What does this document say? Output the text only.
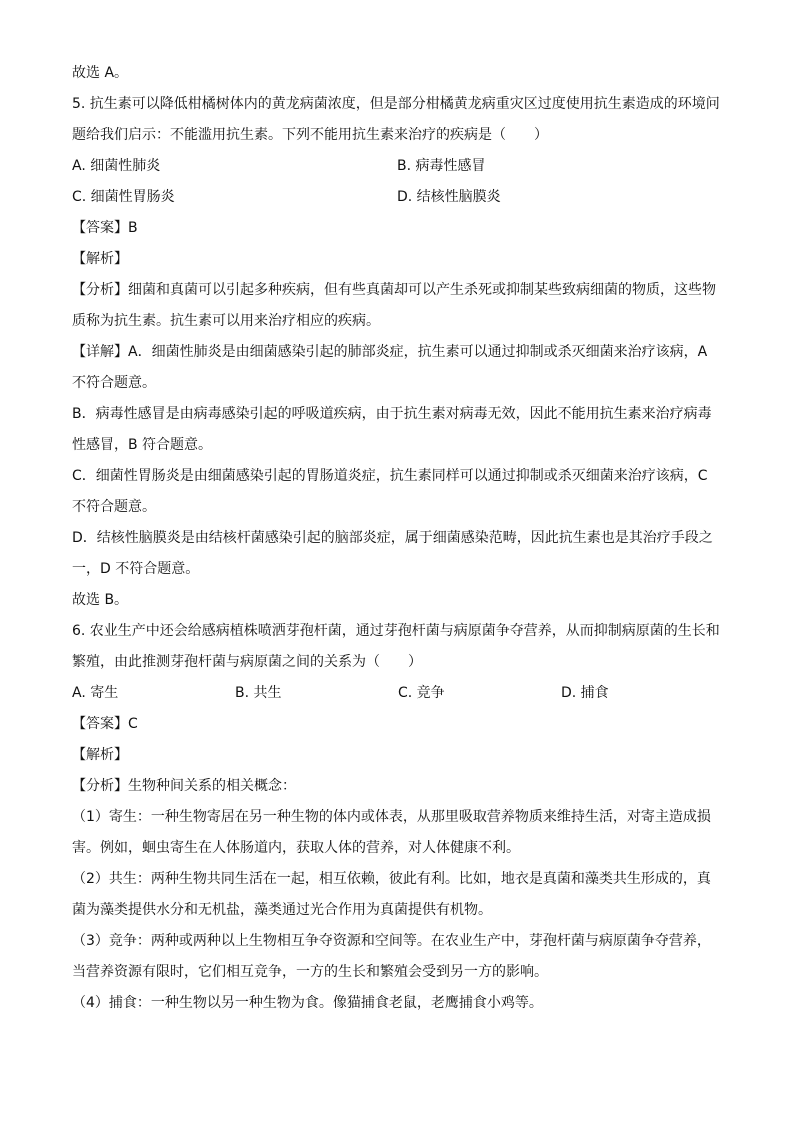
故选 A。
5. 抗生素可以降低柑橘树体内的黄龙病菌浓度，但是部分柑橘黄龙病重灾区过度使用抗生素造成的环境问
题给我们启示：不能滥用抗生素。下列不能用抗生素来治疗的疾病是（　　）
A. 细菌性肺炎	B. 病毒性感冒
C. 细菌性胃肠炎	D. 结核性脑膜炎
【答案】B
【解析】
【分析】细菌和真菌可以引起多种疾病，但有些真菌却可以产生杀死或抑制某些致病细菌的物质，这些物
质称为抗生素。抗生素可以用来治疗相应的疾病。
【详解】A．细菌性肺炎是由细菌感染引起的肺部炎症，抗生素可以通过抑制或杀灭细菌来治疗该病，A
不符合题意。
B．病毒性感冒是由病毒感染引起的呼吸道疾病，由于抗生素对病毒无效，因此不能用抗生素来治疗病毒
性感冒，B 符合题意。
C．细菌性胃肠炎是由细菌感染引起的胃肠道炎症，抗生素同样可以通过抑制或杀灭细菌来治疗该病，C
不符合题意。
D．结核性脑膜炎是由结核杆菌感染引起的脑部炎症，属于细菌感染范畴，因此抗生素也是其治疗手段之
一，D 不符合题意。
故选 B。
6. 农业生产中还会给感病植株喷洒芽孢杆菌，通过芽孢杆菌与病原菌争夺营养，从而抑制病原菌的生长和
繁殖，由此推测芽孢杆菌与病原菌之间的关系为（　　）
A. 寄生	B. 共生	C. 竞争	D. 捕食
【答案】C
【解析】
【分析】生物种间关系的相关概念：
（1）寄生：一种生物寄居在另一种生物的体内或体表，从那里吸取营养物质来维持生活，对寄主造成损
害。例如，蛔虫寄生在人体肠道内，获取人体的营养，对人体健康不利。
（2）共生：两种生物共同生活在一起，相互依赖，彼此有利。比如，地衣是真菌和藻类共生形成的，真
菌为藻类提供水分和无机盐，藻类通过光合作用为真菌提供有机物。
（3）竞争：两种或两种以上生物相互争夺资源和空间等。在农业生产中，芽孢杆菌与病原菌争夺营养，
当营养资源有限时，它们相互竞争，一方的生长和繁殖会受到另一方的影响。
（4）捕食：一种生物以另一种生物为食。像猫捕食老鼠，老鹰捕食小鸡等。
